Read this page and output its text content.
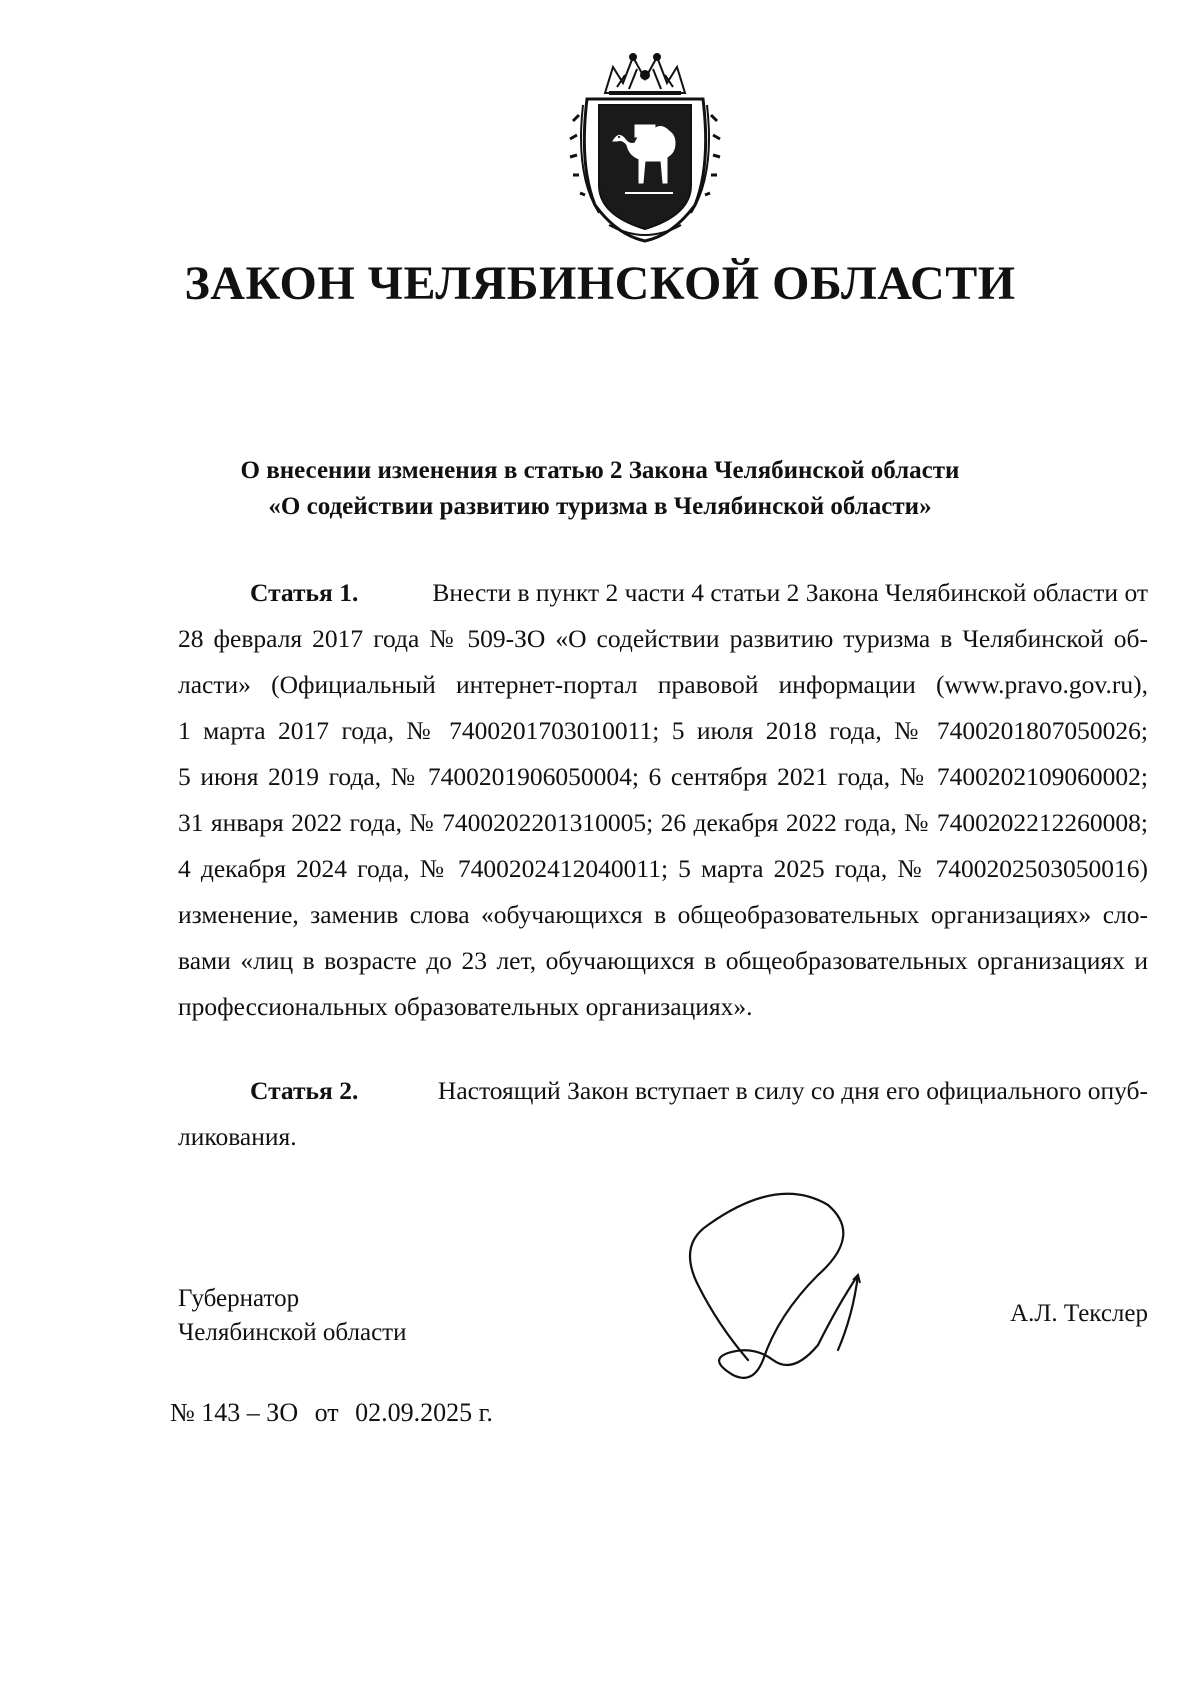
ЗАКОН ЧЕЛЯБИНСКОЙ ОБЛАСТИ
О внесении изменения в статью 2 Закона Челябинской области
«О содействии развитию туризма в Челябинской области»
Статья 1.	Внести в пункт 2 части 4 статьи 2 Закона Челябинской области от
28 февраля 2017 года № 509-ЗО «О содействии развитию туризма в Челябинской об-
ласти» (Официальный интернет-портал правовой информации (www.pravo.gov.ru),
1 марта 2017 года, № 7400201703010011; 5 июля 2018 года, № 7400201807050026;
5 июня 2019 года, № 7400201906050004; 6 сентября 2021 года, № 7400202109060002;
31 января 2022 года, № 7400202201310005; 26 декабря 2022 года, № 7400202212260008;
4 декабря 2024 года, № 7400202412040011; 5 марта 2025 года, № 7400202503050016)
изменение, заменив слова «обучающихся в общеобразовательных организациях» сло-
вами «лиц в возрасте до 23 лет, обучающихся в общеобразовательных организациях и
профессиональных образовательных организациях».
Статья 2.	Настоящий Закон вступает в силу со дня его официального опуб-
ликования.
Губернатор
Челябинской области
А.Л. Текслер
№ 143 – ЗО от 02.09.2025 г.
